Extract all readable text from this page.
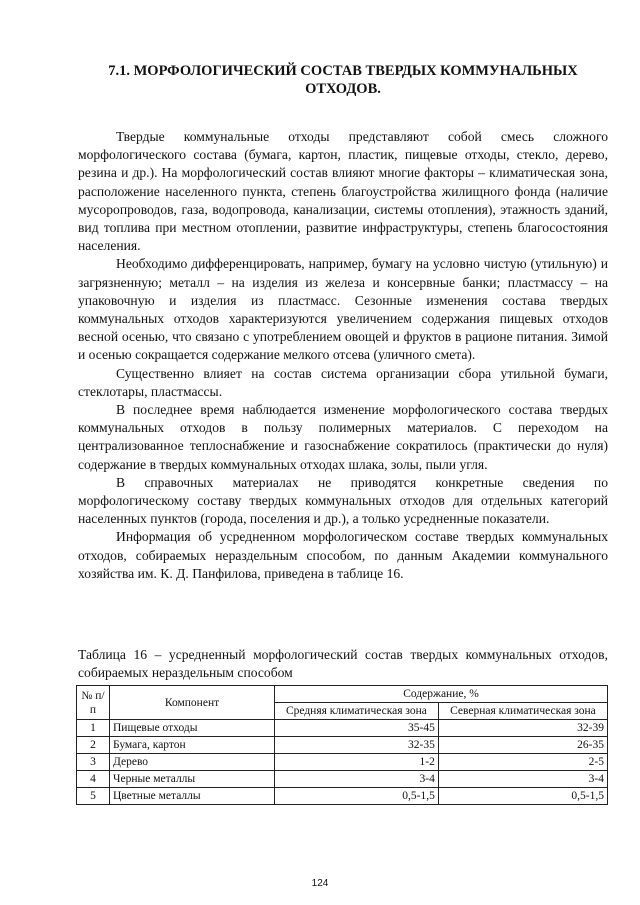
7.1. МОРФОЛОГИЧЕСКИЙ СОСТАВ ТВЕРДЫХ КОММУНАЛЬНЫХ
ОТХОДОВ.

Твердые коммунальные отходы представляют собой смесь сложного морфологического состава (бумага, картон, пластик, пищевые отходы, стекло, дерево, резина и др.). На морфологический состав влияют многие факторы – климатическая зона, расположение населенного пункта, степень благоустройства жилищного фонда (наличие мусоропроводов, газа, водопровода, канализации, системы отопления), этажность зданий, вид топлива при местном отоплении, развитие инфраструктуры, степень благосостояния населения.

Необходимо дифференцировать, например, бумагу на условно чистую (утильную) и загрязненную; металл – на изделия из железа и консервные банки; пластмассу – на упаковочную и изделия из пластмасс. Сезонные изменения состава твердых коммунальных отходов характеризуются увеличением содержания пищевых отходов весной осенью, что связано с употреблением овощей и фруктов в рационе питания. Зимой и осенью сокращается содержание мелкого отсева (уличного смета).

Существенно влияет на состав система организации сбора утильной бумаги, стеклотары, пластмассы.

В последнее время наблюдается изменение морфологического состава твердых коммунальных отходов в пользу полимерных материалов. С переходом на централизованное теплоснабжение и газоснабжение сократилось (практически до нуля) содержание в твердых коммунальных отходах шлака, золы, пыли угля.

В справочных материалах не приводятся конкретные сведения по морфологическому составу твердых коммунальных отходов для отдельных категорий населенных пунктов (города, поселения и др.), а только усредненные показатели.

Информация об усредненном морфологическом составе твердых коммунальных отходов, собираемых нераздельным способом, по данным Академии коммунального хозяйства им. К. Д. Панфилова, приведена в таблице 16.

Таблица 16 – усредненный морфологический состав твердых коммунальных отходов, собираемых нераздельным способом
№ п/п	Компонент	Содержание, %	
		Средняя климатическая зона	Северная климатическая зона
1	Пищевые отходы	35-45	32-39
2	Бумага, картон	32-35	26-35
3	Дерево	1-2	2-5
4	Черные металлы	3-4	3-4
5	Цветные металлы	0,5-1,5	0,5-1,5
124
